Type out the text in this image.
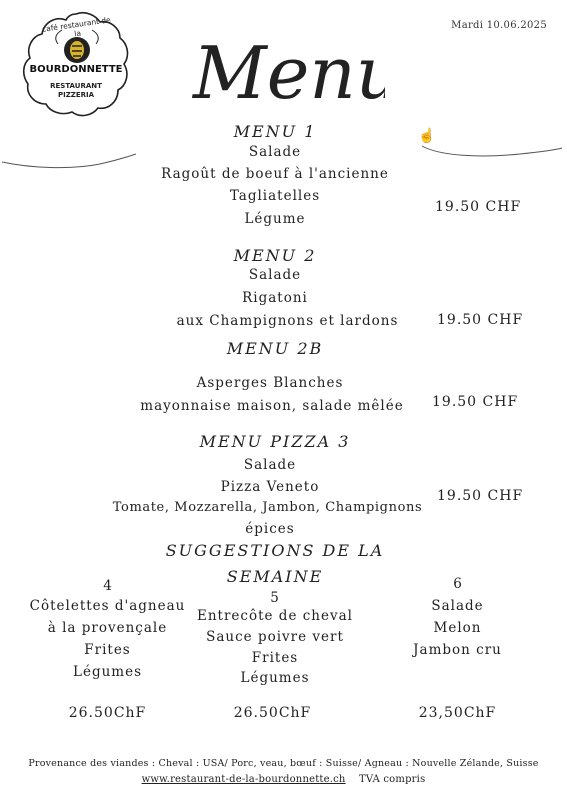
café restaurant de la
BOURDONNETTE
RESTAURANT
PIZZERIA
Mardi 10.06.2025
Menu
☝
MENU 1
Salade
Ragoût de boeuf à l'ancienne
Tagliatelles
Légume
19.50 CHF
MENU 2
Salade
Rigatoni
aux Champignons et lardons	19.50 CHF
MENU 2B
Asperges Blanches
mayonnaise maison, salade mêlée	19.50 CHF
MENU PIZZA 3
Salade
Pizza Veneto
Tomate, Mozzarella, Jambon, Champignons
épices
19.50 CHF
SUGGESTIONS DE LA
SEMAINE
4
Côtelettes d'agneau
à la provençale
Frites
Légumes
26.50ChF
5
Entrecôte de cheval
Sauce poivre vert
Frites
Légumes
26.50ChF
6
Salade
Melon
Jambon cru
23,50ChF
Provenance des viandes : Cheval : USA/ Porc, veau, bœuf : Suisse/ Agneau : Nouvelle Zélande, Suisse
www.restaurant-de-la-bourdonnette.ch TVA compris
